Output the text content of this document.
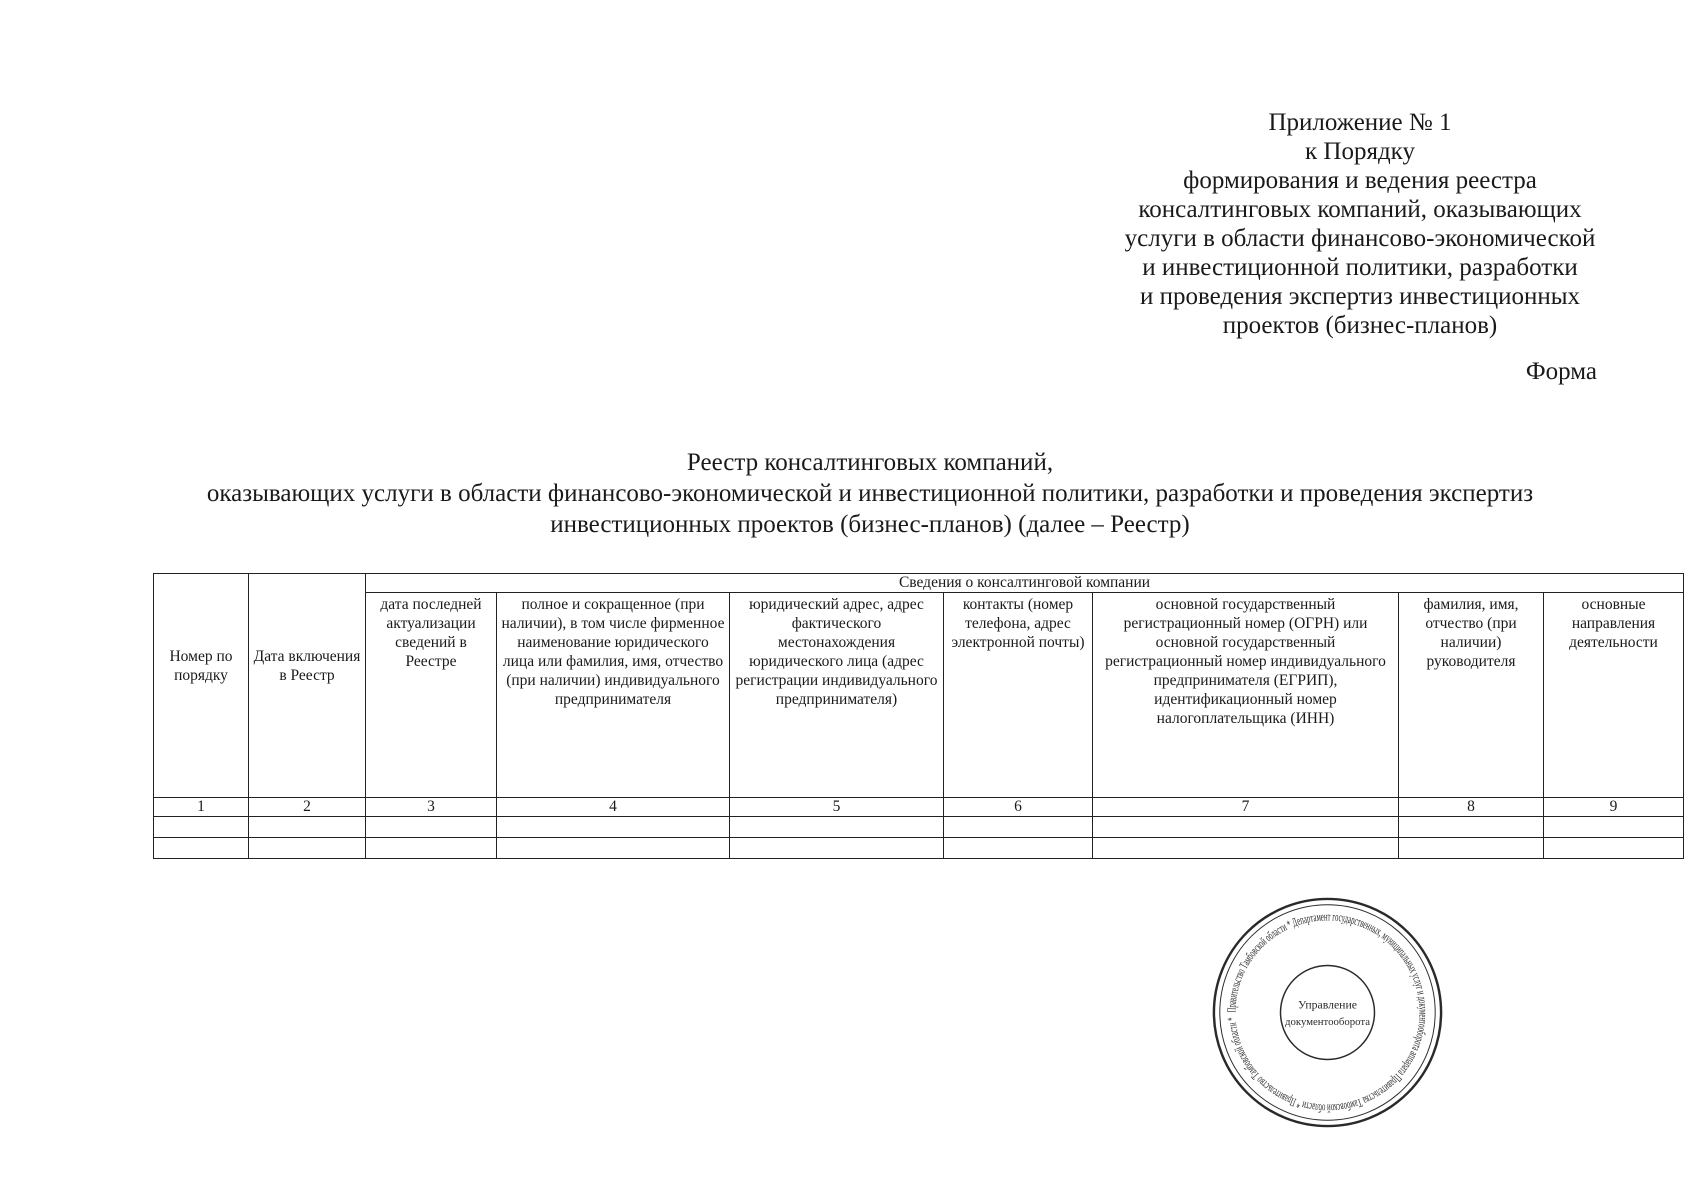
Приложение № 1
к Порядку
формирования и ведения реестра
консалтинговых компаний, оказывающих
услуги в области финансово-экономической
и инвестиционной политики, разработки
и проведения экспертиз инвестиционных
проектов (бизнес-планов)
Форма
Реестр консалтинговых компаний,
оказывающих услуги в области финансово-экономической и инвестиционной политики, разработки и проведения экспертиз
инвестиционных проектов (бизнес-планов) (далее – Реестр)
Номер по порядку	Дата включения в Реестр	Сведения о консалтинговой компании						
		дата последней актуализации сведений в Реестре	полное и сокращенное (при наличии), в том числе фирменное наименование юридического лица или фамилия, имя, отчество (при наличии) индивидуального предпринимателя	юридический адрес, адрес фактического местонахождения юридического лица (адрес регистрации индивидуального предпринимателя)	контакты (номер телефона, адрес электронной почты)	основной государственный регистрационный номер (ОГРН) или основной государственный регистрационный номер индивидуального предпринимателя (ЕГРИП), идентификационный номер налогоплательщика (ИНН)	фамилия, имя, отчество (при наличии) руководителя	основные направления деятельности
1	2	3	4	5	6	7	8	9

Правительство Тамбовской области * Департамент государственных, муниципальных услуг и документооборота аппарата Правительства Тамбовской области * Правительство Тамбовской области *
Управление
документооборота
